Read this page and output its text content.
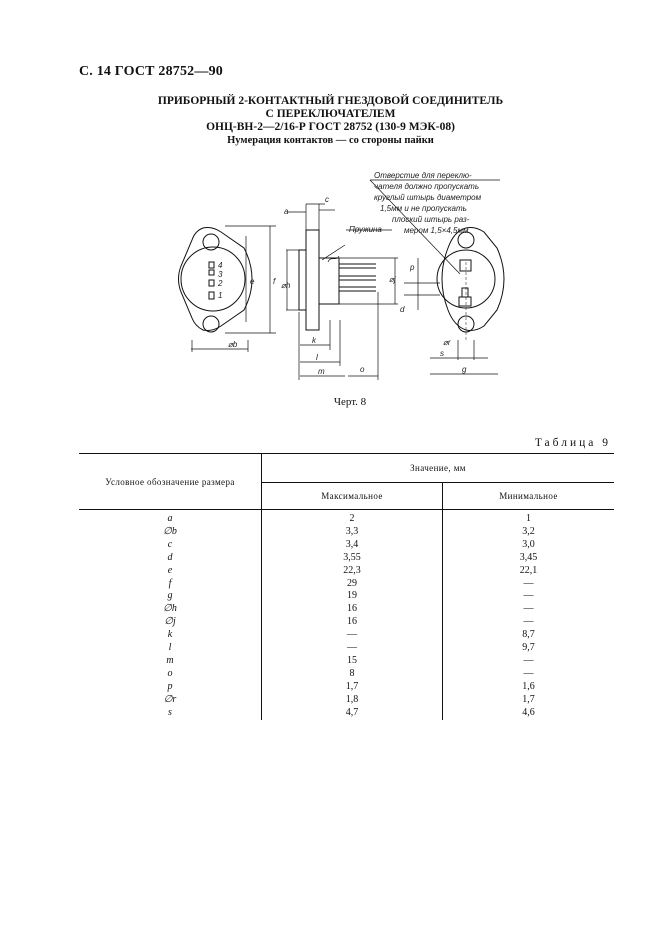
С. 14 ГОСТ 28752—90
ПРИБОРНЫЙ 2-КОНТАКТНЫЙ ГНЕЗДОВОЙ СОЕДИНИТЕЛЬ
С ПЕРЕКЛЮЧАТЕЛЕМ
ОНЦ-ВН-2—2/16-Р ГОСТ 28752 (130-9 МЭК-08)
Нумерация контактов — со стороны пайки
4
3
2
1
⌀b
e f
a
c
⌀h
Пружина
⌀j
k
l
m	o
p
d
⌀r
s
g
Отверстие для переклю-
чателя должно пропускать
круглый штырь диаметром
1,5мм и не пропускать
плоский штырь раз-
мером 1,5×4,5мм
Черт. 8
Таблица 9
Условное обозначение размера	Значение, мм	
	Максимальное	Минимальное
a	2	1
∅b	3,3	3,2
c	3,4	3,0
d	3,55	3,45
e	22,3	22,1
f	29	—
g	19	—
∅h	16	—
∅j	16	—
k	—	8,7
l	—	9,7
m	15	—
o	8	—
p	1,7	1,6
∅r	1,8	1,7
s	4,7	4,6
